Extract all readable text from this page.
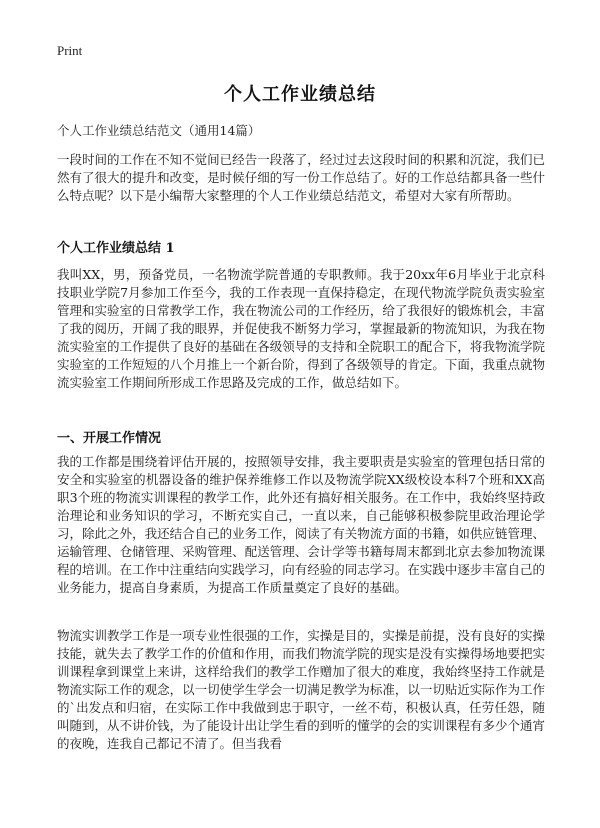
Print
个人工作业绩总结
个人工作业绩总结范文（通用14篇）
一段时间的工作在不知不觉间已经告一段落了，经过过去这段时间的积累和沉淀，我们已然有了很大的提升和改变，是时候仔细的写一份工作总结了。好的工作总结都具备一些什么特点呢？以下是小编帮大家整理的个人工作业绩总结范文，希望对大家有所帮助。
个人工作业绩总结 1
我叫XX，男，预备党员，一名物流学院普通的专职教师。我于20xx年6月毕业于北京科技职业学院7月参加工作至今，我的工作表现一直保持稳定，在现代物流学院负责实验室管理和实验室的日常教学工作，我在物流公司的工作经历，给了我很好的锻炼机会，丰富了我的阅历，开阔了我的眼界，并促使我不断努力学习，掌握最新的物流知识，为我在物流实验室的工作提供了良好的基础在各级领导的支持和全院职工的配合下，将我物流学院实验室的工作短短的八个月推上一个新台阶，得到了各级领导的肯定。下面，我重点就物流实验室工作期间所形成工作思路及完成的工作，做总结如下。
一、开展工作情况
我的工作都是围绕着评估开展的，按照领导安排，我主要职责是实验室的管理包括日常的安全和实验室的机器设备的维护保养维修工作以及物流学院XX级校设本科7个班和XX高职3个班的物流实训课程的教学工作，此外还有搞好相关服务。在工作中，我始终坚持政治理论和业务知识的学习，不断充实自己，一直以来，自己能够积极参院里政治理论学习，除此之外，我还结合自己的业务工作，阅读了有关物流方面的书籍，如供应链管理、运输管理、仓储管理、采购管理、配送管理、会计学等书籍每周末都到北京去参加物流课程的培训。在工作中注重结向实践学习，向有经验的同志学习。在实践中逐步丰富自己的业务能力，提高自身素质，为提高工作质量奠定了良好的基础。
物流实训教学工作是一项专业性很强的工作，实操是目的，实操是前提，没有良好的实操技能，就失去了教学工作的价值和作用，而我们物流学院的现实是没有实操得场地要把实训课程拿到课堂上来讲，这样给我们的教学工作赠加了很大的难度，我始终坚持工作就是物流实际工作的观念，以一切使学生学会一切满足教学为标准，以一切贴近实际作为工作的`出发点和归宿，在实际工作中我做到忠于职守，一丝不苟，积极认真，任劳任怨，随叫随到，从不讲价钱，为了能设计出让学生看的到听的懂学的会的实训课程有多少个通宵的夜晚，连我自己都记不清了。但当我看
